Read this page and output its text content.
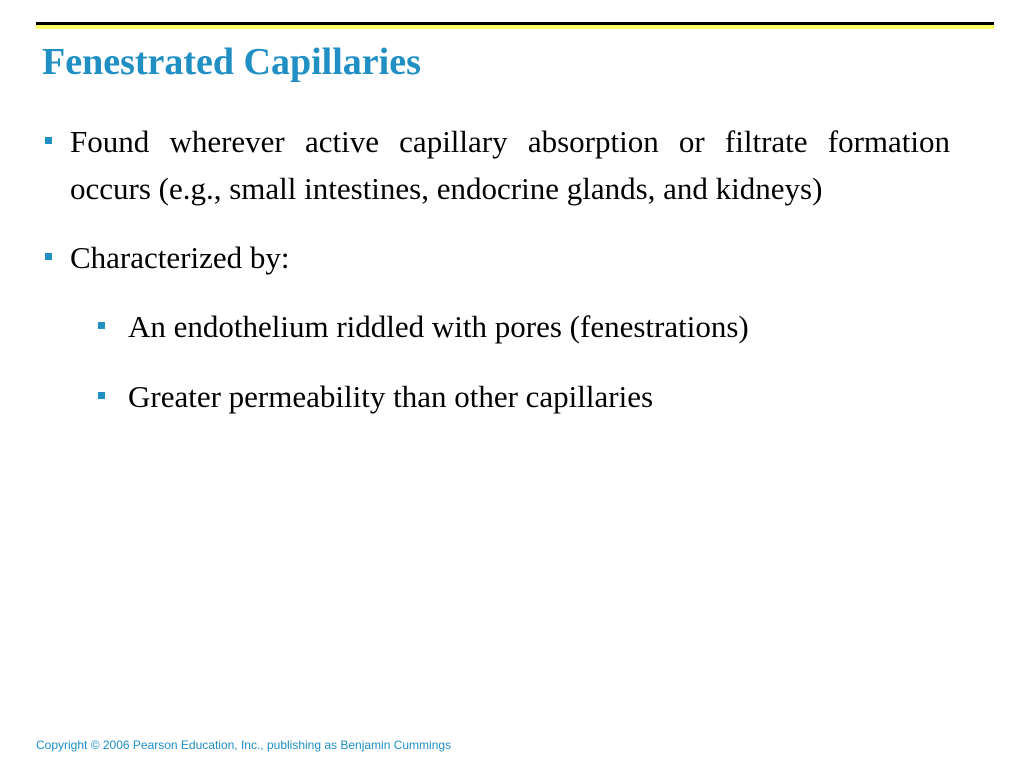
Fenestrated Capillaries
Found wherever active capillary absorption or filtrate formation occurs (e.g., small intestines, endocrine glands, and kidneys)
Characterized by:
An endothelium riddled with pores (fenestrations)
Greater permeability than other capillaries

Copyright © 2006 Pearson Education, Inc., publishing as Benjamin Cummings
